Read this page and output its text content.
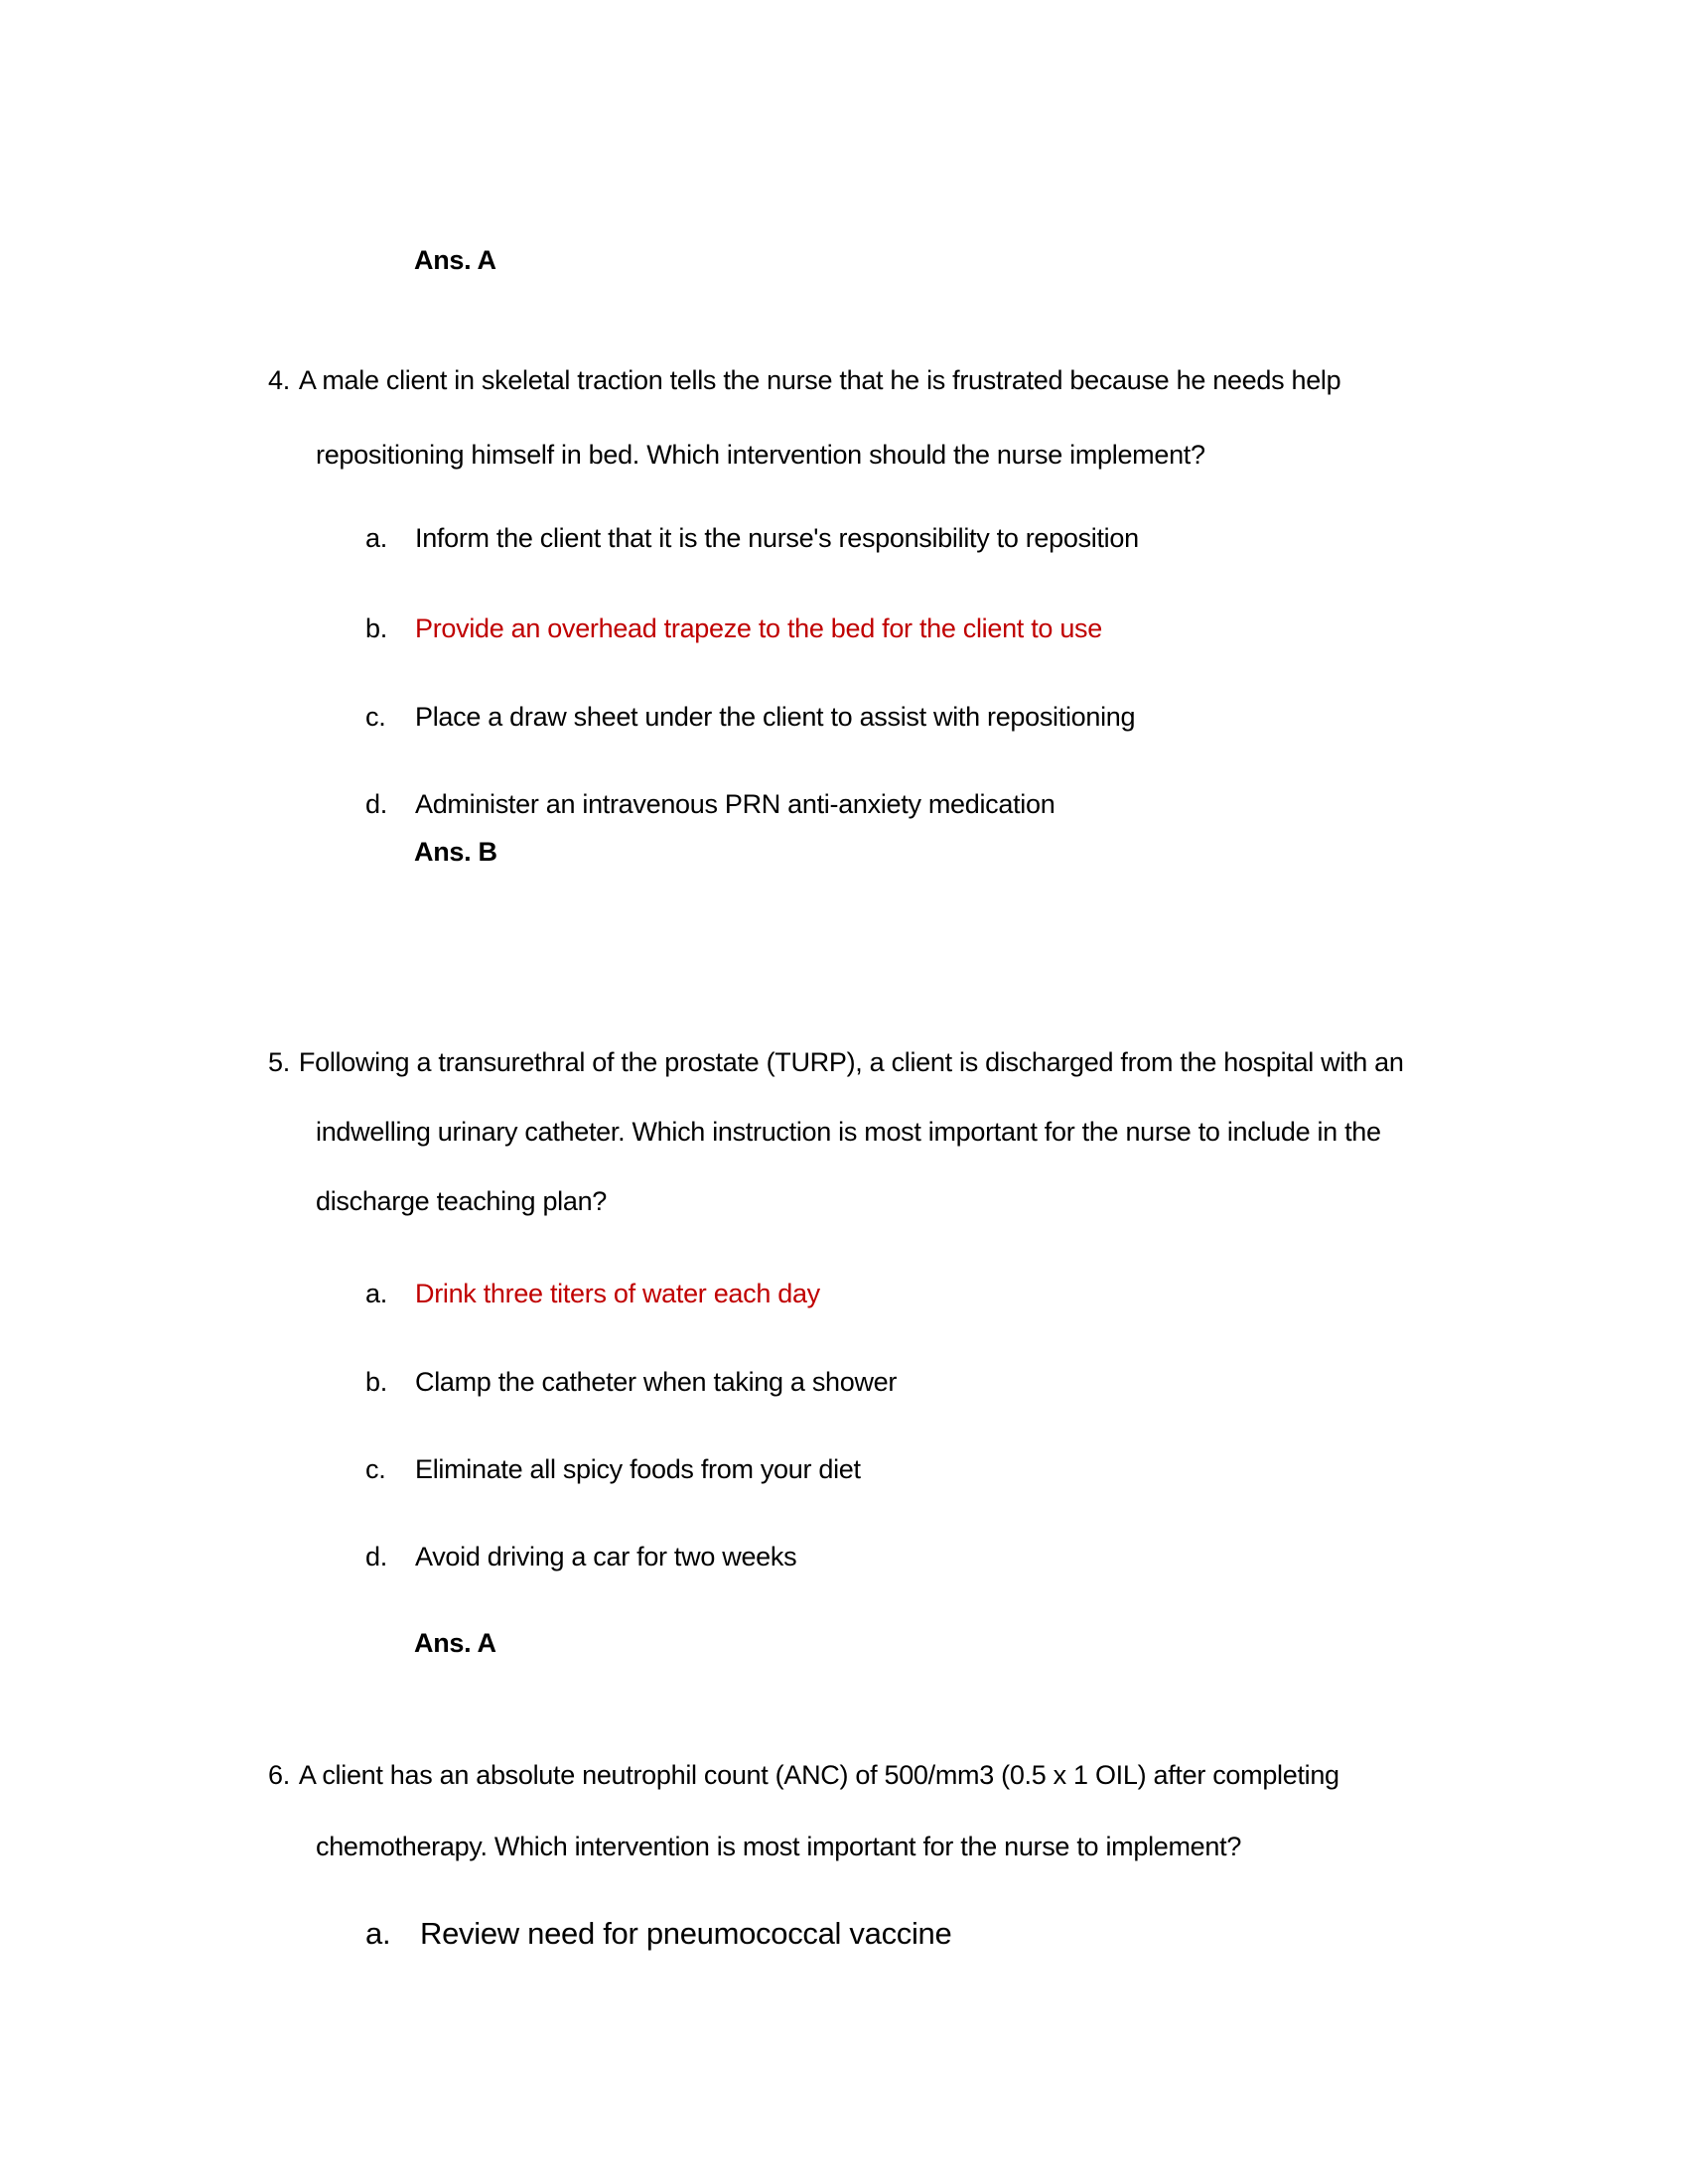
Ans. A
4. A male client in skeletal traction tells the nurse that he is frustrated because he needs help
repositioning himself in bed. Which intervention should the nurse implement?
a.	Inform the client that it is the nurse's responsibility to reposition
b.	Provide an overhead trapeze to the bed for the client to use
c.	Place a draw sheet under the client to assist with repositioning
d.	Administer an intravenous PRN anti-anxiety medication
Ans. B
5. Following a transurethral of the prostate (TURP), a client is discharged from the hospital with an
indwelling urinary catheter. Which instruction is most important for the nurse to include in the
discharge teaching plan?
a.	Drink three titers of water each day
b.	Clamp the catheter when taking a shower
c.	Eliminate all spicy foods from your diet
d.	Avoid driving a car for two weeks
Ans. A
6. A client has an absolute neutrophil count (ANC) of 500/mm3 (0.5 x 1 OIL) after completing
chemotherapy. Which intervention is most important for the nurse to implement?
a. Review need for pneumococcal vaccine
